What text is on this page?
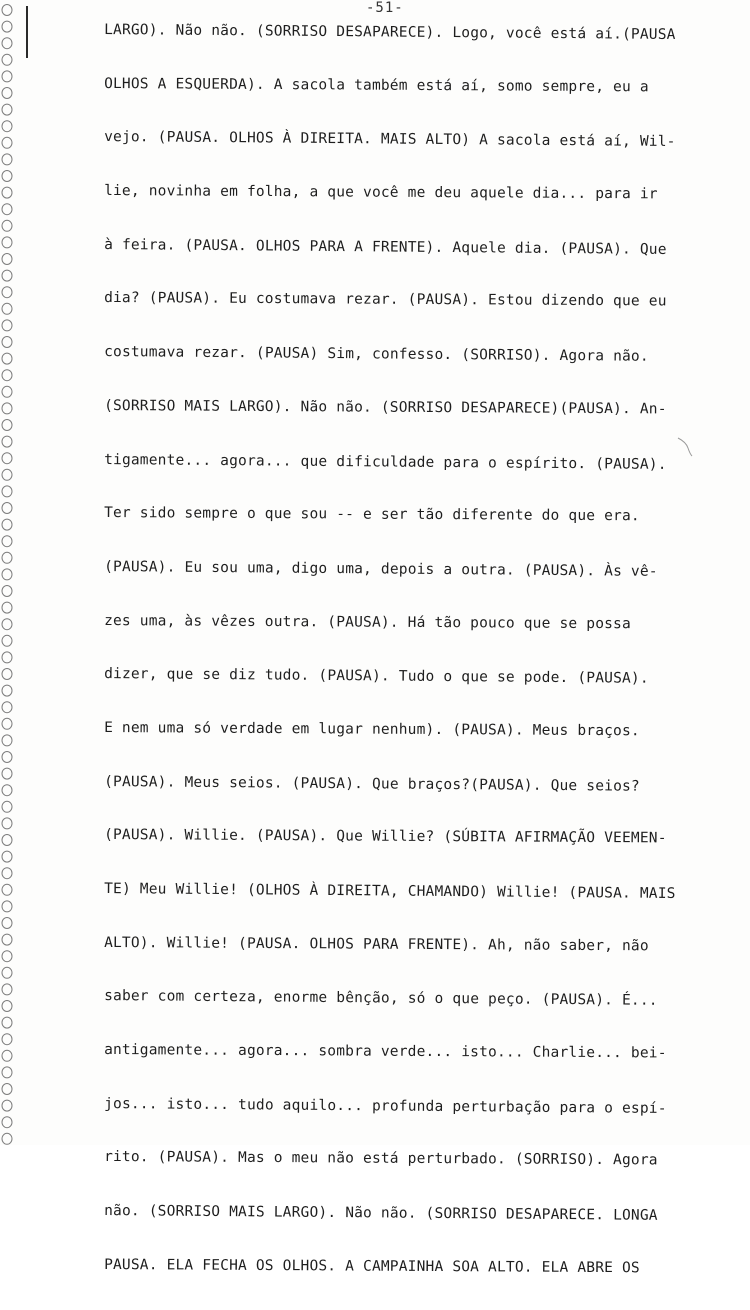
-51-
LARGO). Não não. (SORRISO DESAPARECE). Logo, você está aí.(PAUSA
OLHOS A ESQUERDA). A sacola também está aí, somo sempre, eu a
vejo. (PAUSA. OLHOS À DIREITA. MAIS ALTO) A sacola está aí, Wil-
lie, novinha em folha, a que você me deu aquele dia... para ir
à feira. (PAUSA. OLHOS PARA A FRENTE). Aquele dia. (PAUSA). Que
dia? (PAUSA). Eu costumava rezar. (PAUSA). Estou dizendo que eu
costumava rezar. (PAUSA) Sim, confesso. (SORRISO). Agora não.
(SORRISO MAIS LARGO). Não não. (SORRISO DESAPARECE)(PAUSA). An-
tigamente... agora... que dificuldade para o espírito. (PAUSA).
Ter sido sempre o que sou -- e ser tão diferente do que era.
(PAUSA). Eu sou uma, digo uma, depois a outra. (PAUSA). Às vê-
zes uma, às vêzes outra. (PAUSA). Há tão pouco que se possa
dizer, que se diz tudo. (PAUSA). Tudo o que se pode. (PAUSA).
E nem uma só verdade em lugar nenhum). (PAUSA). Meus braços.
(PAUSA). Meus seios. (PAUSA). Que braços?(PAUSA). Que seios?
(PAUSA). Willie. (PAUSA). Que Willie? (SÚBITA AFIRMAÇÃO VEEMEN-
TE) Meu Willie! (OLHOS À DIREITA, CHAMANDO) Willie! (PAUSA. MAIS
ALTO). Willie! (PAUSA. OLHOS PARA FRENTE). Ah, não saber, não
saber com certeza, enorme bênção, só o que peço. (PAUSA). É...
antigamente... agora... sombra verde... isto... Charlie... bei-
jos... isto... tudo aquilo... profunda perturbação para o espí-
rito. (PAUSA). Mas o meu não está perturbado. (SORRISO). Agora
não. (SORRISO MAIS LARGO). Não não. (SORRISO DESAPARECE. LONGA
PAUSA. ELA FECHA OS OLHOS. A CAMPAINHA SOA ALTO. ELA ABRE OS
